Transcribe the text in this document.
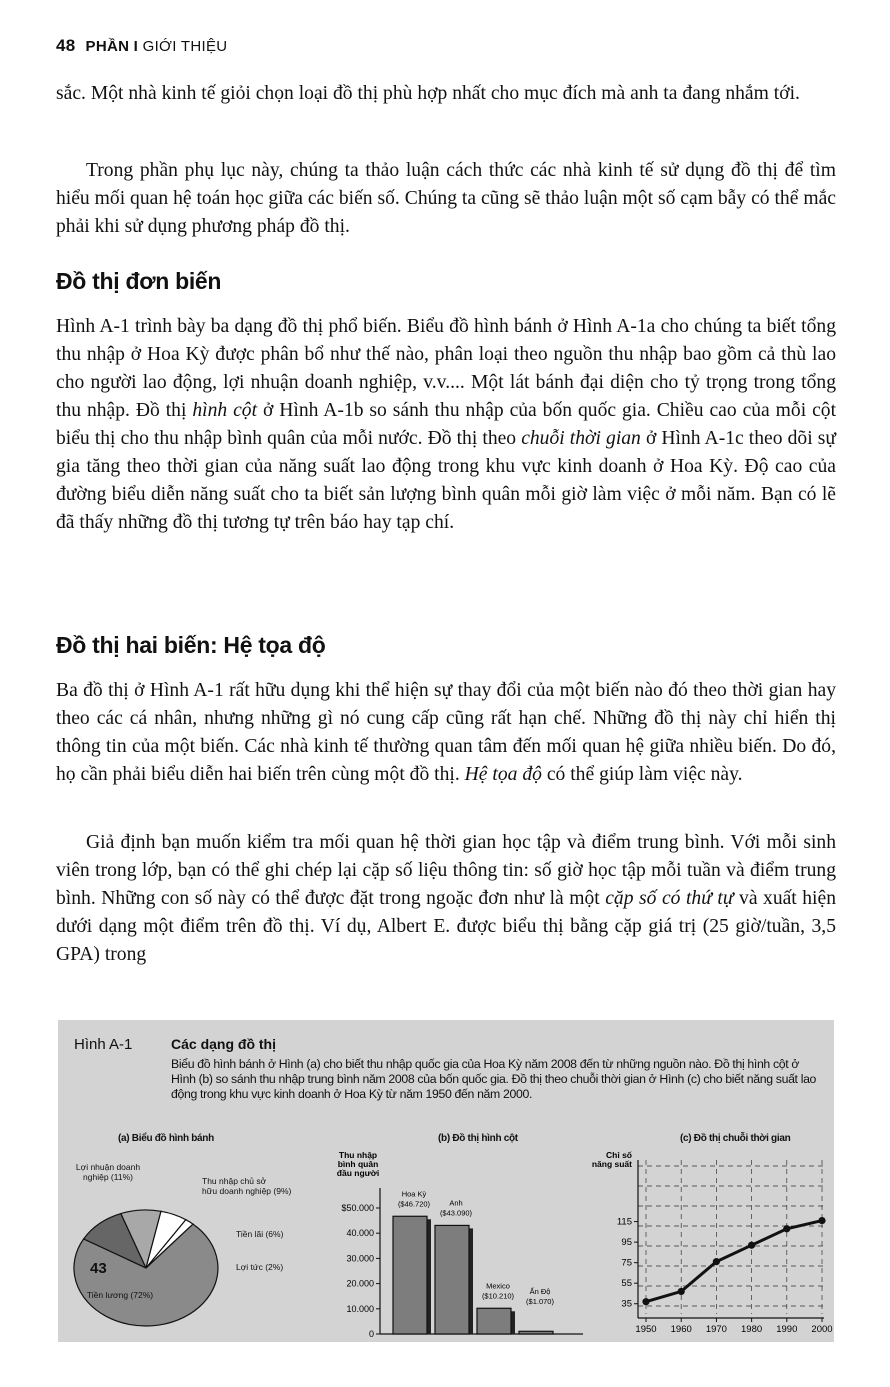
48 PHẦN I GIỚI THIỆU

sắc. Một nhà kinh tế giỏi chọn loại đồ thị phù hợp nhất cho mục đích mà anh ta đang nhắm tới.

Trong phần phụ lục này, chúng ta thảo luận cách thức các nhà kinh tế sử dụng đồ thị để tìm hiểu mối quan hệ toán học giữa các biến số. Chúng ta cũng sẽ thảo luận một số cạm bẫy có thể mắc phải khi sử dụng phương pháp đồ thị.

Đồ thị đơn biến

Hình A-1 trình bày ba dạng đồ thị phổ biến. Biểu đồ hình bánh ở Hình A-1a cho chúng ta biết tổng thu nhập ở Hoa Kỳ được phân bổ như thế nào, phân loại theo nguồn thu nhập bao gồm cả thù lao cho người lao động, lợi nhuận doanh nghiệp, v.v.... Một lát bánh đại diện cho tỷ trọng trong tổng thu nhập. Đồ thị hình cột ở Hình A-1b so sánh thu nhập của bốn quốc gia. Chiều cao của mỗi cột biểu thị cho thu nhập bình quân của mỗi nước. Đồ thị theo chuỗi thời gian ở Hình A-1c theo dõi sự gia tăng theo thời gian của năng suất lao động trong khu vực kinh doanh ở Hoa Kỳ. Độ cao của đường biểu diễn năng suất cho ta biết sản lượng bình quân mỗi giờ làm việc ở mỗi năm. Bạn có lẽ đã thấy những đồ thị tương tự trên báo hay tạp chí.

Đồ thị hai biến: Hệ tọa độ

Ba đồ thị ở Hình A-1 rất hữu dụng khi thể hiện sự thay đổi của một biến nào đó theo thời gian hay theo các cá nhân, nhưng những gì nó cung cấp cũng rất hạn chế. Những đồ thị này chỉ hiển thị thông tin của một biến. Các nhà kinh tế thường quan tâm đến mối quan hệ giữa nhiều biến. Do đó, họ cần phải biểu diễn hai biến trên cùng một đồ thị. Hệ tọa độ có thể giúp làm việc này.

Giả định bạn muốn kiểm tra mối quan hệ thời gian học tập và điểm trung bình. Với mỗi sinh viên trong lớp, bạn có thể ghi chép lại cặp số liệu thông tin: số giờ học tập mỗi tuần và điểm trung bình. Những con số này có thể được đặt trong ngoặc đơn như là một cặp số có thứ tự và xuất hiện dưới dạng một điểm trên đồ thị. Ví dụ, Albert E. được biểu thị bằng cặp giá trị (25 giờ/tuần, 3,5 GPA) trong

Hình A-1	Các dạng đồ thị
Biểu đồ hình bánh ở Hình (a) cho biết thu nhập quốc gia của Hoa Kỳ năm 2008 đến từ những nguồn nào. Đồ thị hình cột ở Hình (b) so sánh thu nhập trung bình năm 2008 của bốn quốc gia. Đồ thị theo chuỗi thời gian ở Hình (c) cho biết năng suất lao động trong khu vực kinh doanh ở Hoa Kỳ từ năm 1950 đến năm 2000.
(a) Biểu đồ hình bánh	(b) Đồ thị hình cột	(c) Đồ thị chuỗi thời gian
43
Tiền lương (72%)
Lợi nhuận doanh nghiệp (11%)	Thu nhập chủ sở hữu doanh nghiệp (9%)
Tiền lãi (6%)
Lợi tức (2%)
Thu nhập bình quân đầu người
0
10.000
20.000
30.000
40.000
$50.000
Hoa Kỳ
($46.720)	Anh
($43.090)
Mexico
($10.210) Ấn Độ
($1.070)
Chỉ số năng suất
35
55
75
95
115
1950 1960 1970 1980 1990 2000
